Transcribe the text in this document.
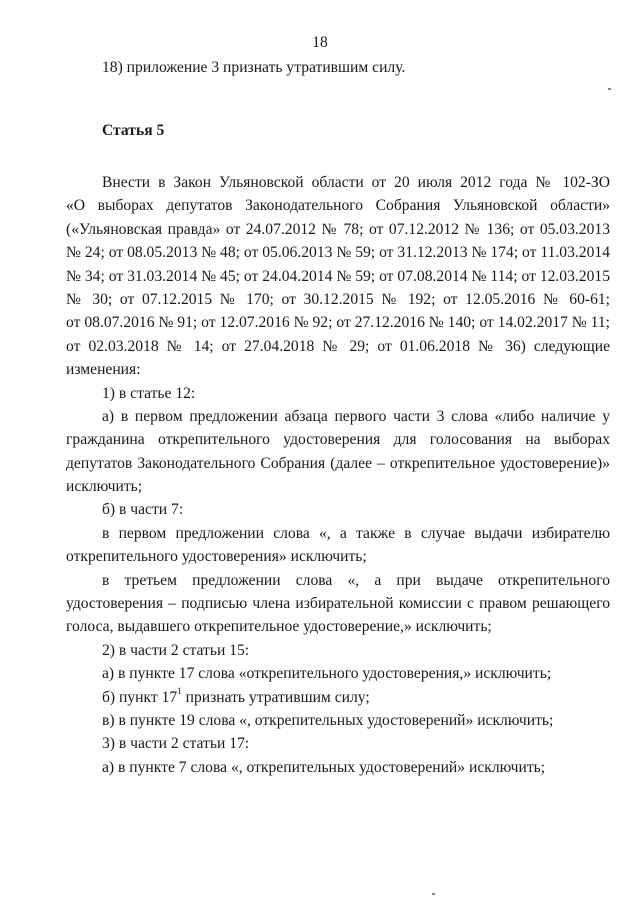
18
18) приложение 3 признать утратившим силу.
Статья 5
Внести в Закон Ульяновской области от 20 июля 2012 года № 102-ЗО
«О выборах депутатов Законодательного Собрания Ульяновской области»
(«Ульяновская правда» от 24.07.2012 № 78; от 07.12.2012 № 136; от 05.03.2013
№ 24; от 08.05.2013 № 48; от 05.06.2013 № 59; от 31.12.2013 № 174; от 11.03.2014
№ 34; от 31.03.2014 № 45; от 24.04.2014 № 59; от 07.08.2014 № 114; от 12.03.2015
№ 30; от 07.12.2015 № 170; от 30.12.2015 № 192; от 12.05.2016 № 60-61;
от 08.07.2016 № 91; от 12.07.2016 № 92; от 27.12.2016 № 140; от 14.02.2017 № 11;
от 02.03.2018 № 14; от 27.04.2018 № 29; от 01.06.2018 № 36) следующие
изменения:
1) в статье 12:
а) в первом предложении абзаца первого части 3 слова «либо наличие у
гражданина открепительного удостоверения для голосования на выборах
депутатов Законодательного Собрания (далее – открепительное удостоверение)»
исключить;
б) в части 7:
в первом предложении слова «, а также в случае выдачи избирателю
открепительного удостоверения» исключить;
в третьем предложении слова «, а при выдаче открепительного
удостоверения – подписью члена избирательной комиссии с правом решающего
голоса, выдавшего открепительное удостоверение,» исключить;
2) в части 2 статьи 15:
а) в пункте 17 слова «открепительного удостоверения,» исключить;
б) пункт $17^1$ признать утратившим силу;
в) в пункте 19 слова «, открепительных удостоверений» исключить;
3) в части 2 статьи 17:
а) в пункте 7 слова «, открепительных удостоверений» исключить;
